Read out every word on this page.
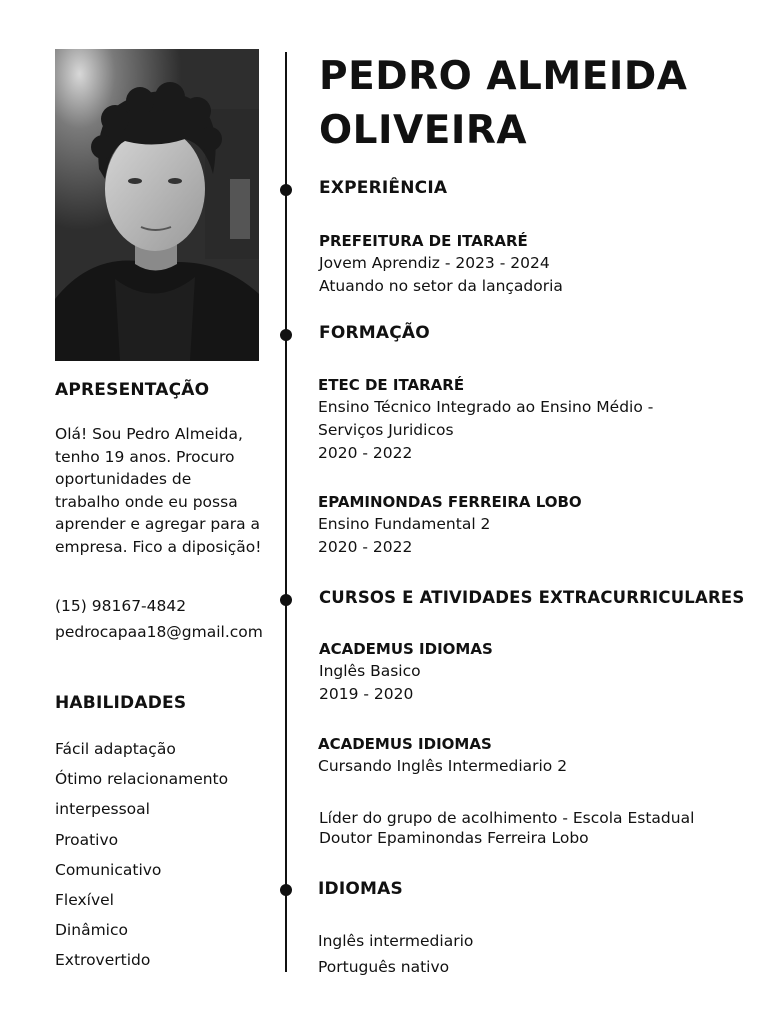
APRESENTAÇÃO
Olá! Sou Pedro Almeida,
tenho 19 anos. Procuro
oportunidades de
trabalho onde eu possa
aprender e agregar para a
empresa. Fico a diposição!
(15) 98167-4842
pedrocapaa18@gmail.com
HABILIDADES
Fácil adaptação
Ótimo relacionamento
interpessoal
Proativo
Comunicativo
Flexível
Dinâmico
Extrovertido
PEDRO ALMEIDA
OLIVEIRA
EXPERIÊNCIA
PREFEITURA DE ITARARÉ
Jovem Aprendiz - 2023 - 2024
Atuando no setor da lançadoria
FORMAÇÃO
ETEC DE ITARARÉ
Ensino Técnico Integrado ao Ensino Médio -
Serviços Juridicos
2020 - 2022
EPAMINONDAS FERREIRA LOBO
Ensino Fundamental 2
2020 - 2022
CURSOS E ATIVIDADES EXTRACURRICULARES
ACADEMUS IDIOMAS
Inglês Basico
2019 - 2020
ACADEMUS IDIOMAS
Cursando Inglês Intermediario 2
Líder do grupo de acolhimento - Escola Estadual
Doutor Epaminondas Ferreira Lobo
IDIOMAS
Inglês intermediario
Português nativo
